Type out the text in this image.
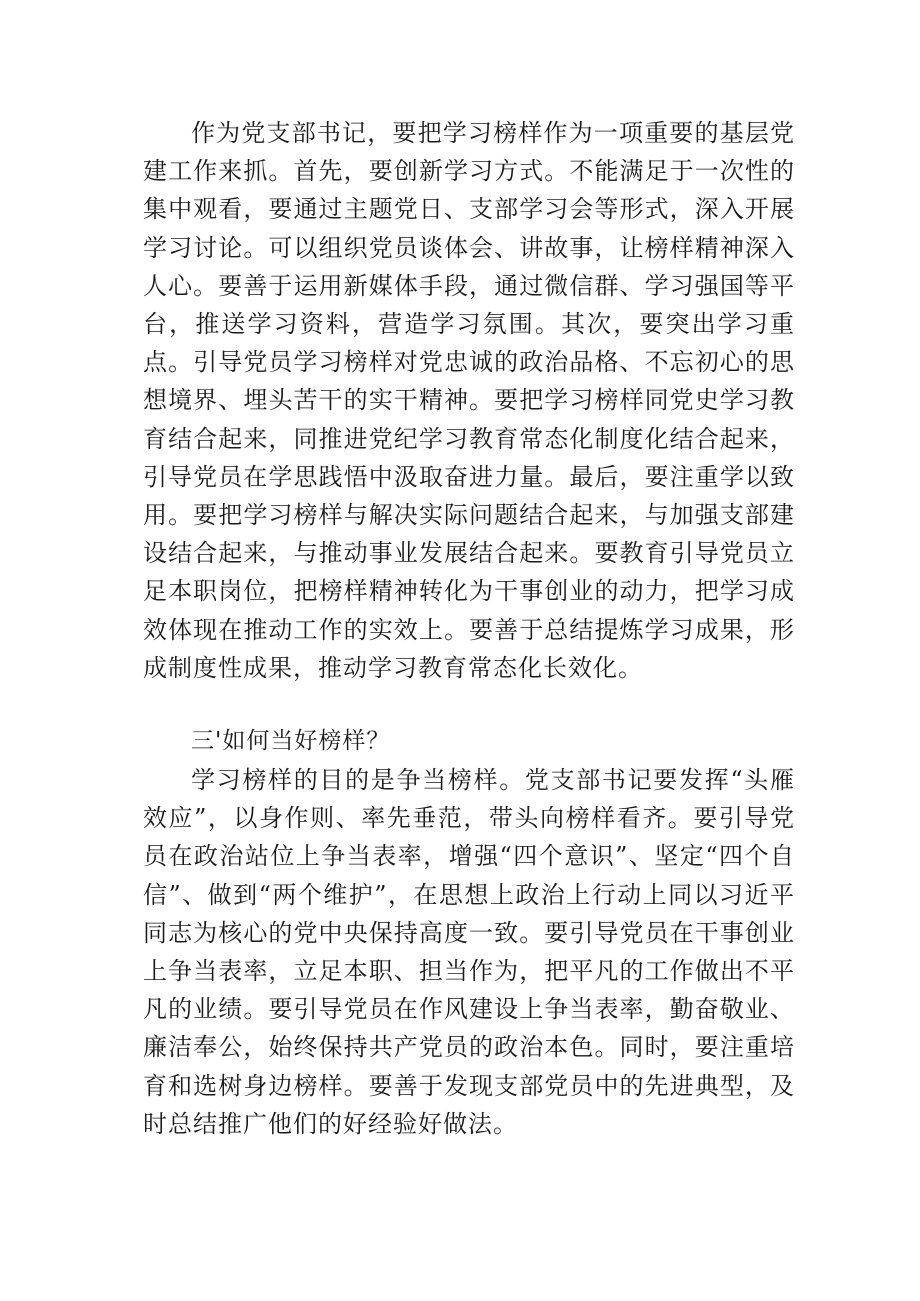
作为党支部书记，要把学习榜样作为一项重要的基层党建工作来抓。首先，要创新学习方式。不能满足于一次性的集中观看，要通过主题党日、支部学习会等形式，深入开展学习讨论。可以组织党员谈体会、讲故事，让榜样精神深入人心。要善于运用新媒体手段，通过微信群、学习强国等平台，推送学习资料，营造学习氛围。其次，要突出学习重点。引导党员学习榜样对党忠诚的政治品格、不忘初心的思想境界、埋头苦干的实干精神。要把学习榜样同党史学习教育结合起来，同推进党纪学习教育常态化制度化结合起来，引导党员在学思践悟中汲取奋进力量。最后，要注重学以致用。要把学习榜样与解决实际问题结合起来，与加强支部建设结合起来，与推动事业发展结合起来。要教育引导党员立足本职岗位，把榜样精神转化为干事创业的动力，把学习成效体现在推动工作的实效上。要善于总结提炼学习成果，形成制度性成果，推动学习教育常态化长效化。

三'如何当好榜样？

学习榜样的目的是争当榜样。党支部书记要发挥“头雁效应”，以身作则、率先垂范，带头向榜样看齐。要引导党员在政治站位上争当表率，增强“四个意识”、坚定“四个自信”、做到“两个维护”，在思想上政治上行动上同以习近平同志为核心的党中央保持高度一致。要引导党员在干事创业上争当表率，立足本职、担当作为，把平凡的工作做出不平凡的业绩。要引导党员在作风建设上争当表率，勤奋敬业、廉洁奉公，始终保持共产党员的政治本色。同时，要注重培育和选树身边榜样。要善于发现支部党员中的先进典型，及时总结推广他们的好经验好做法。
